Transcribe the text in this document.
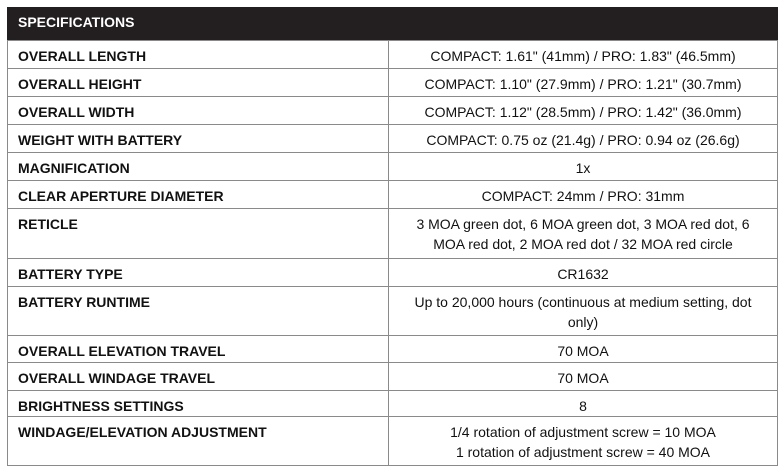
SPECIFICATIONS
OVERALL LENGTH	COMPACT: 1.61" (41mm) / PRO: 1.83" (46.5mm)

OVERALL HEIGHT	COMPACT: 1.10" (27.9mm) / PRO: 1.21" (30.7mm)

OVERALL WIDTH	COMPACT: 1.12" (28.5mm) / PRO: 1.42" (36.0mm)

WEIGHT WITH BATTERY	COMPACT: 0.75 oz (21.4g) / PRO: 0.94 oz (26.6g)

MAGNIFICATION	1x

CLEAR APERTURE DIAMETER	COMPACT: 24mm / PRO: 31mm

RETICLE	3 MOA green dot, 6 MOA green dot, 3 MOA red dot, 6
MOA red dot, 2 MOA red dot / 32 MOA red circle

BATTERY TYPE	CR1632

BATTERY RUNTIME	Up to 20,000 hours (continuous at medium setting, dot
only)

OVERALL ELEVATION TRAVEL	70 MOA

OVERALL WINDAGE TRAVEL	70 MOA

BRIGHTNESS SETTINGS	8

WINDAGE/ELEVATION ADJUSTMENT	1/4 rotation of adjustment screw = 10 MOA
1 rotation of adjustment screw = 40 MOA
